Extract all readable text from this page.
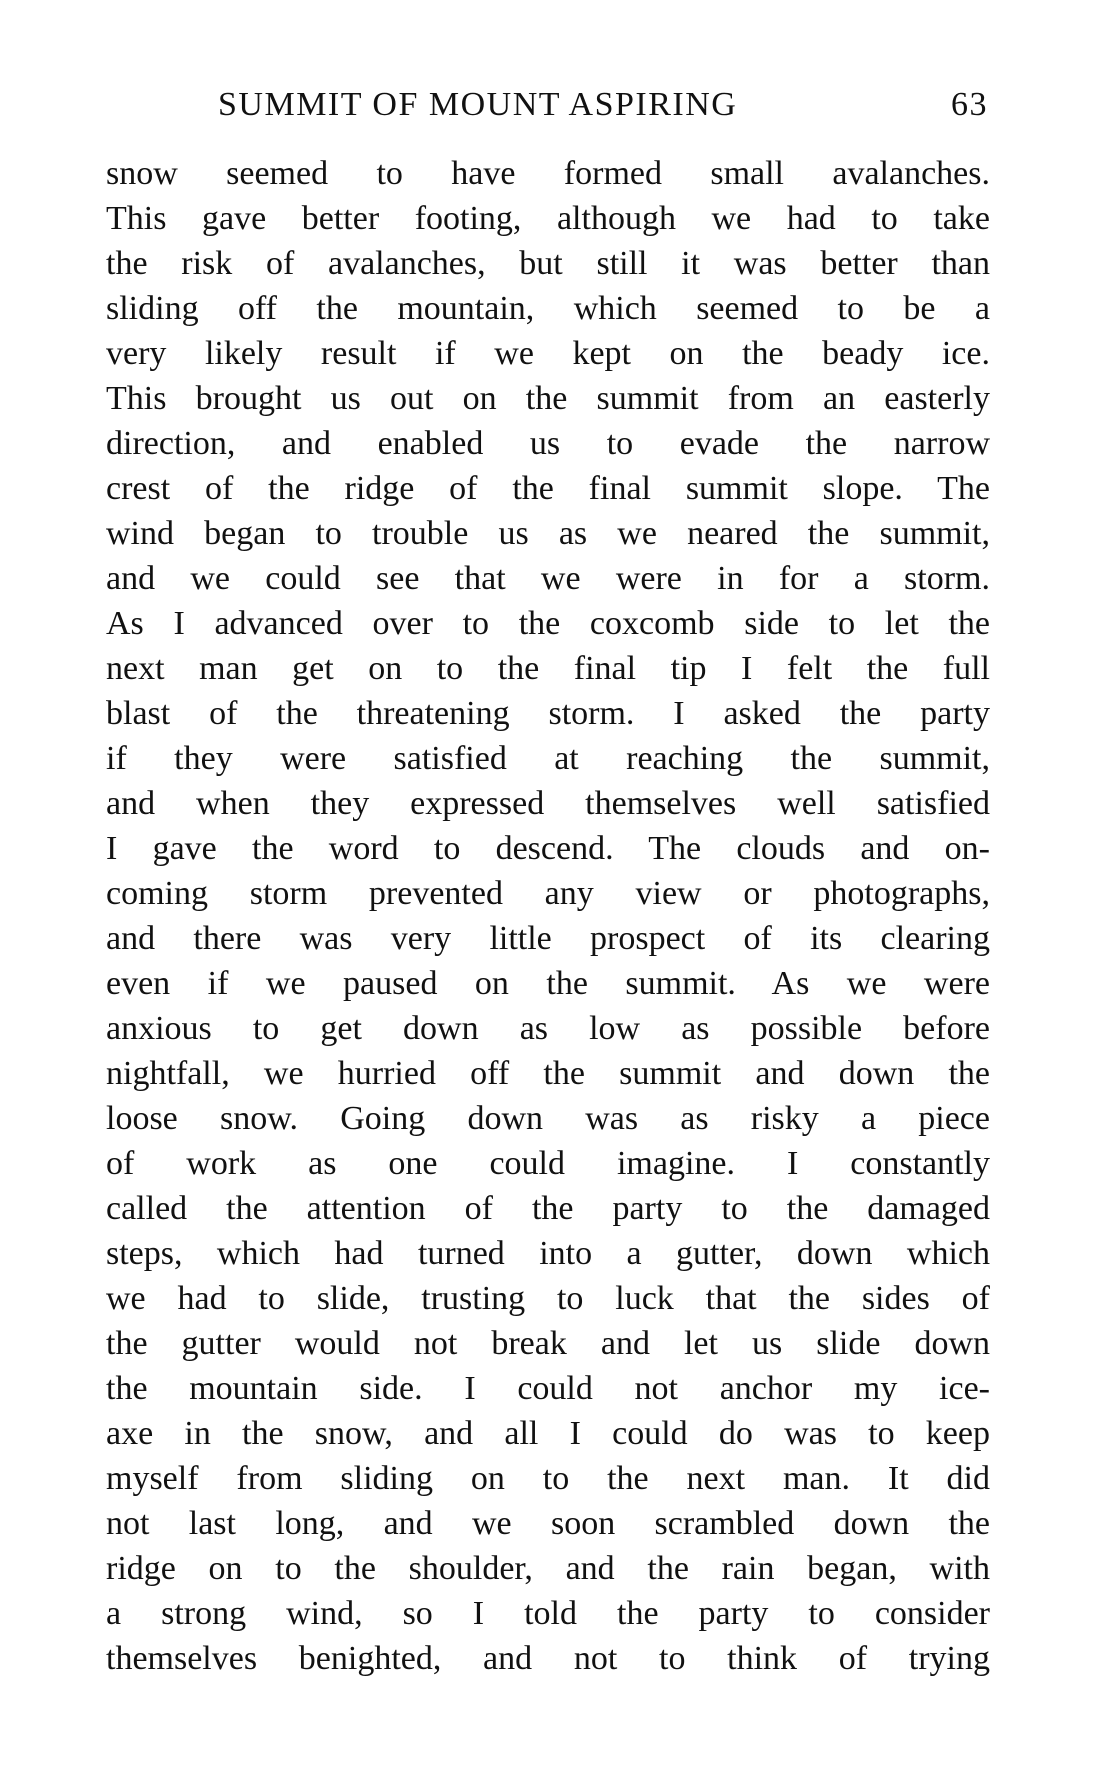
SUMMIT OF MOUNT ASPIRING	63
snow seemed to have formed small avalanches.
This gave better footing, although we had to take
the risk of avalanches, but still it was better than
sliding off the mountain, which seemed to be a
very likely result if we kept on the beady ice.
This brought us out on the summit from an easterly
direction, and enabled us to evade the narrow
crest of the ridge of the final summit slope. The
wind began to trouble us as we neared the summit,
and we could see that we were in for a storm.
As I advanced over to the coxcomb side to let the
next man get on to the final tip I felt the full
blast of the threatening storm. I asked the party
if they were satisfied at reaching the summit,
and when they expressed themselves well satisfied
I gave the word to descend. The clouds and on-
coming storm prevented any view or photographs,
and there was very little prospect of its clearing
even if we paused on the summit. As we were
anxious to get down as low as possible before
nightfall, we hurried off the summit and down the
loose snow. Going down was as risky a piece
of work as one could imagine. I constantly
called the attention of the party to the damaged
steps, which had turned into a gutter, down which
we had to slide, trusting to luck that the sides of
the gutter would not break and let us slide down
the mountain side. I could not anchor my ice-
axe in the snow, and all I could do was to keep
myself from sliding on to the next man. It did
not last long, and we soon scrambled down the
ridge on to the shoulder, and the rain began, with
a strong wind, so I told the party to consider
themselves benighted, and not to think of trying
